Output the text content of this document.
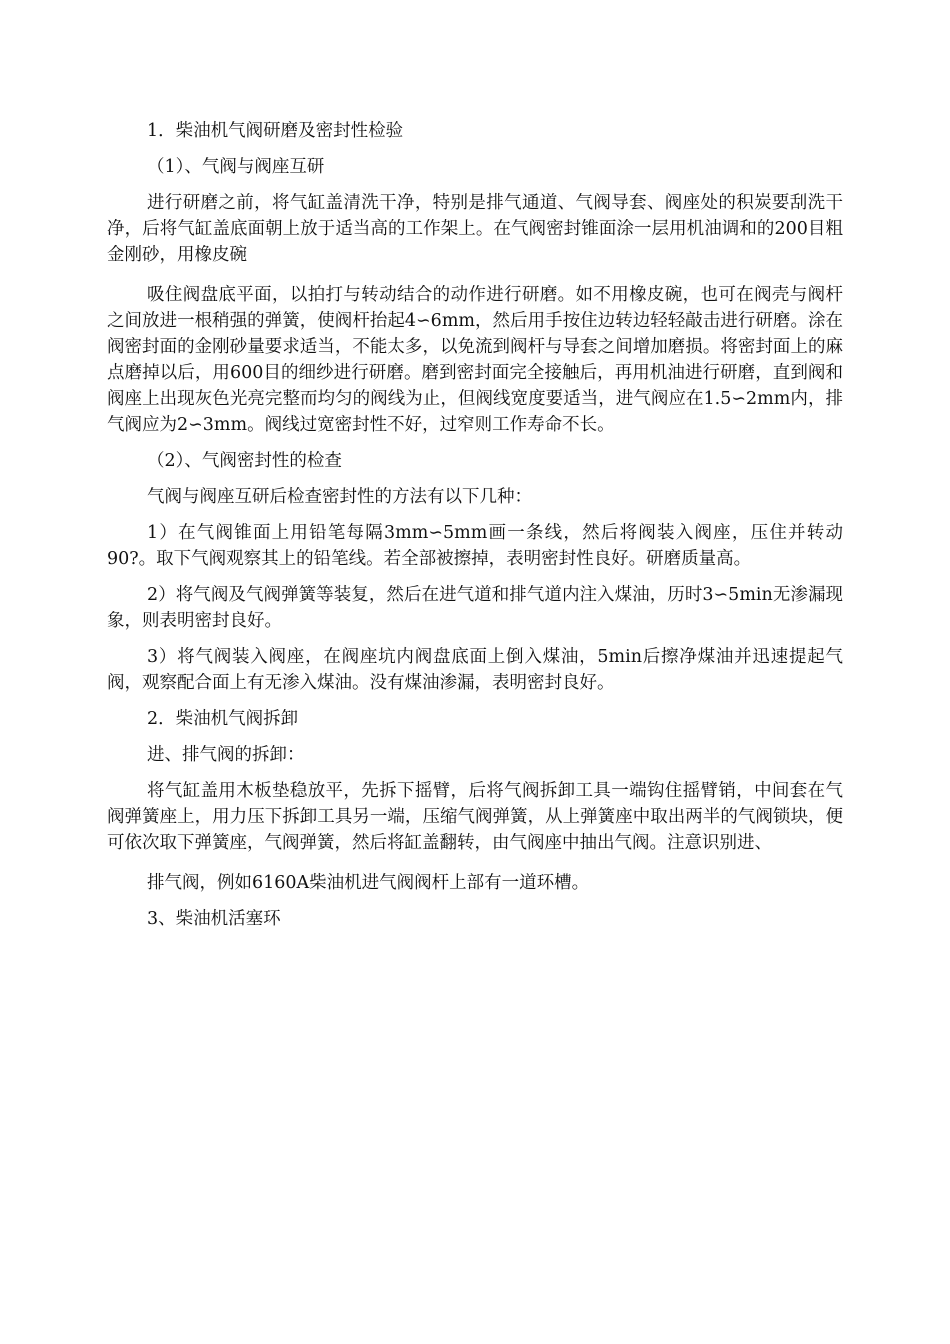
1．柴油机气阀研磨及密封性检验

（1）、气阀与阀座互研

进行研磨之前，将气缸盖清洗干净，特别是排气通道、气阀导套、阀座处的积炭要刮洗干净，后将气缸盖底面朝上放于适当高的工作架上。在气阀密封锥面涂一层用机油调和的200目粗金刚砂，用橡皮碗

吸住阀盘底平面，以拍打与转动结合的动作进行研磨。如不用橡皮碗，也可在阀壳与阀杆之间放进一根稍强的弹簧，使阀杆抬起4∽6mm，然后用手按住边转边轻轻敲击进行研磨。涂在阀密封面的金刚砂量要求适当，不能太多，以免流到阀杆与导套之间增加磨损。将密封面上的麻点磨掉以后，用600目的细纱进行研磨。磨到密封面完全接触后，再用机油进行研磨，直到阀和阀座上出现灰色光亮完整而均匀的阀线为止，但阀线宽度要适当，进气阀应在1.5∽2mm内，排气阀应为2∽3mm。阀线过宽密封性不好，过窄则工作寿命不长。

（2）、气阀密封性的检查

气阀与阀座互研后检查密封性的方法有以下几种：

1）在气阀锥面上用铅笔每隔3mm∽5mm画一条线，然后将阀装入阀座，压住并转动90?。取下气阀观察其上的铅笔线。若全部被擦掉，表明密封性良好。研磨质量高。

2）将气阀及气阀弹簧等装复，然后在进气道和排气道内注入煤油，历时3∽5min无渗漏现象，则表明密封良好。

3）将气阀装入阀座，在阀座坑内阀盘底面上倒入煤油，5min后擦净煤油并迅速提起气阀，观察配合面上有无渗入煤油。没有煤油渗漏，表明密封良好。

2．柴油机气阀拆卸

进、排气阀的拆卸：

将气缸盖用木板垫稳放平，先拆下摇臂，后将气阀拆卸工具一端钩住摇臂销，中间套在气阀弹簧座上，用力压下拆卸工具另一端，压缩气阀弹簧，从上弹簧座中取出两半的气阀锁块，便可依次取下弹簧座，气阀弹簧，然后将缸盖翻转，由气阀座中抽出气阀。注意识别进、

排气阀，例如6160A柴油机进气阀阀杆上部有一道环槽。

3、柴油机活塞环
